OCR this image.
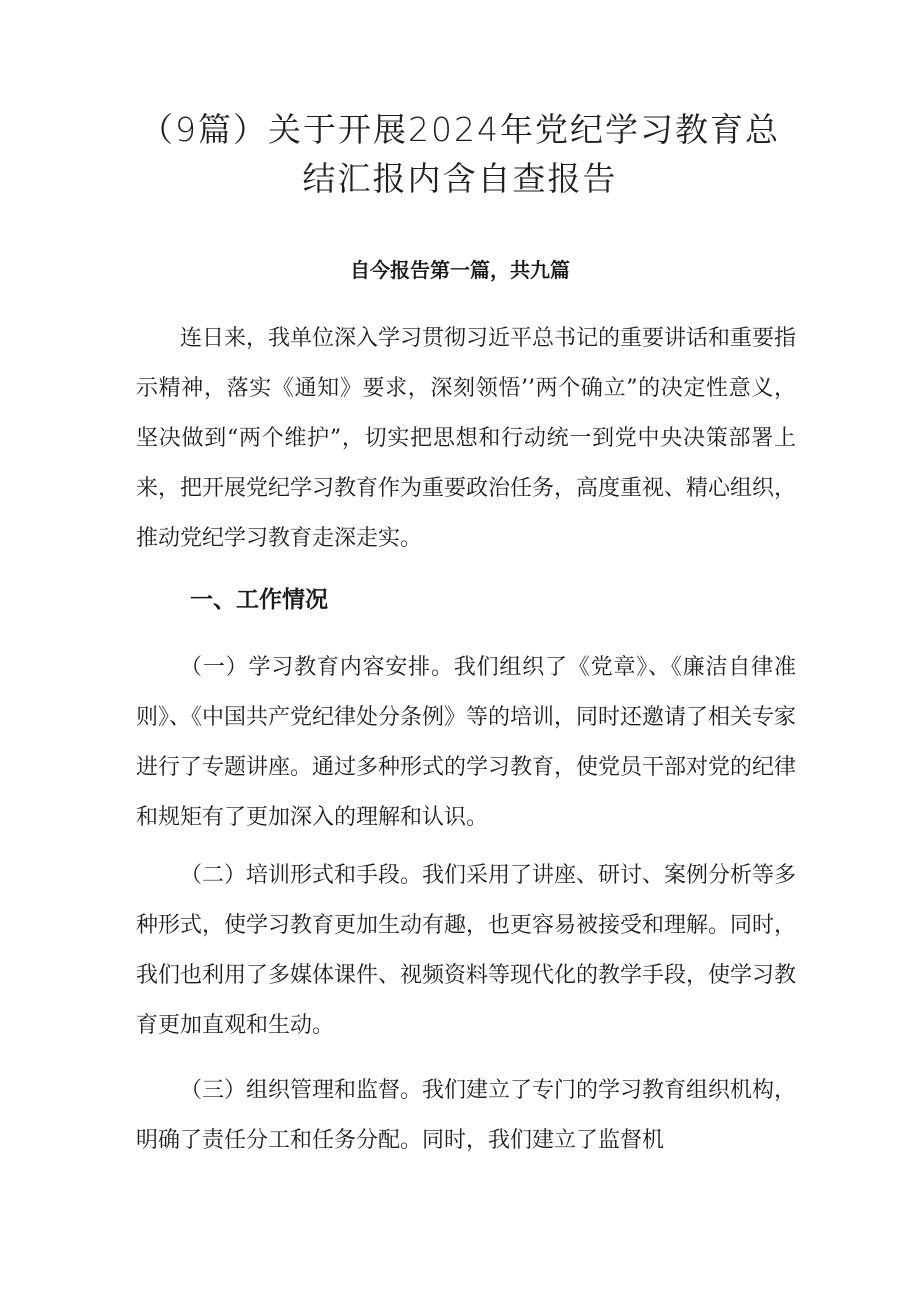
（9篇）关于开展2024年党纪学习教育总
结汇报内含自查报告
自今报告第一篇，共九篇

连日来，我单位深入学习贯彻习近平总书记的重要讲话和重要指示精神，落实《通知》要求，深刻领悟’’两个确立”的决定性意义，坚决做到“两个维护”，切实把思想和行动统一到党中央决策部署上来，把开展党纪学习教育作为重要政治任务，高度重视、精心组织，推动党纪学习教育走深走实。

一、工作情况

（一）学习教育内容安排。我们组织了《党章》、《廉洁自律准则》、《中国共产党纪律处分条例》等的培训，同时还邀请了相关专家进行了专题讲座。通过多种形式的学习教育，使党员干部对党的纪律和规矩有了更加深入的理解和认识。

（二）培训形式和手段。我们采用了讲座、研讨、案例分析等多种形式，使学习教育更加生动有趣，也更容易被接受和理解。同时，我们也利用了多媒体课件、视频资料等现代化的教学手段，使学习教育更加直观和生动。

（三）组织管理和监督。我们建立了专门的学习教育组织机构，明确了责任分工和任务分配。同时，我们建立了监督机
